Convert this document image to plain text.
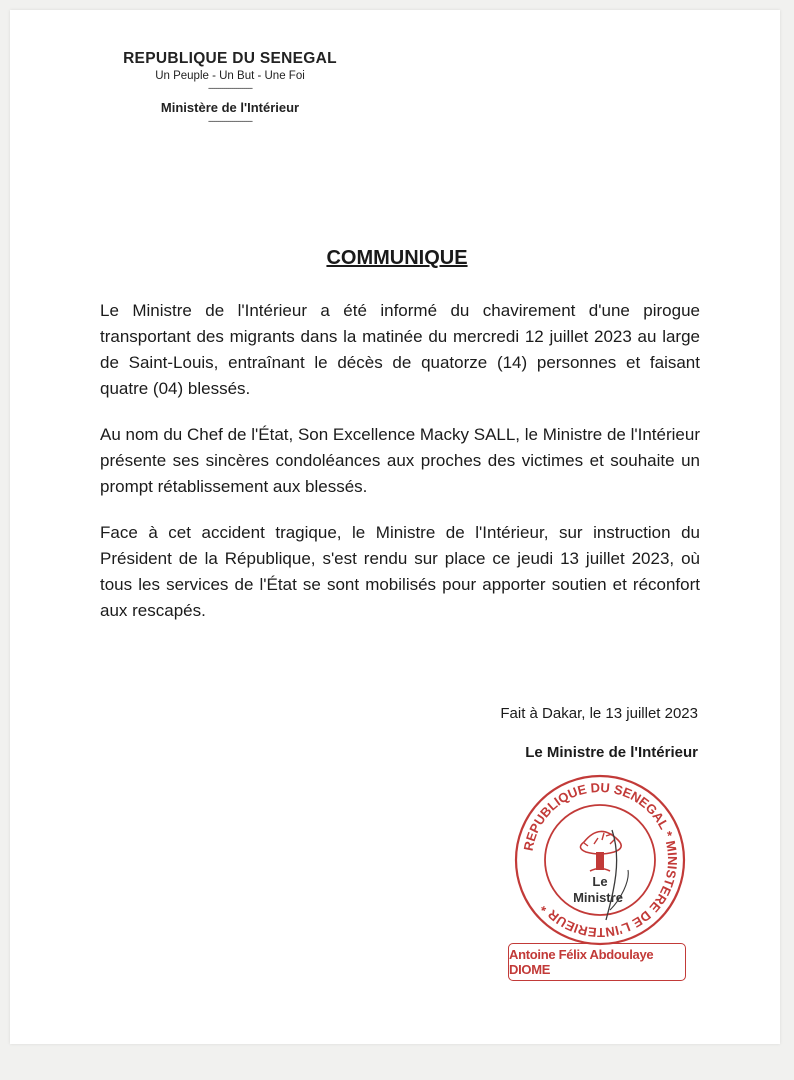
REPUBLIQUE DU SENEGAL
Un Peuple - Un But - Une Foi
----------------------
Ministère de l'Intérieur
----------------------
COMMUNIQUE

Le Ministre de l'Intérieur a été informé du chavirement d'une pirogue transportant des migrants dans la matinée du mercredi 12 juillet 2023 au large de Saint-Louis, entraînant le décès de quatorze (14) personnes et faisant quatre (04) blessés.

Au nom du Chef de l'État, Son Excellence Macky SALL, le Ministre de l'Intérieur présente ses sincères condoléances aux proches des victimes et souhaite un prompt rétablissement aux blessés.

Face à cet accident tragique, le Ministre de l'Intérieur, sur instruction du Président de la République, s'est rendu sur place ce jeudi 13 juillet 2023, où tous les services de l'État se sont mobilisés pour apporter soutien et réconfort aux rescapés.

Fait à Dakar, le 13 juillet 2023
Le Ministre de l'Intérieur
REPUBLIQUE DU SENEGAL * MINISTERE DE L'INTERIEUR *
Le
Ministre
Antoine Félix Abdoulaye DIOME
